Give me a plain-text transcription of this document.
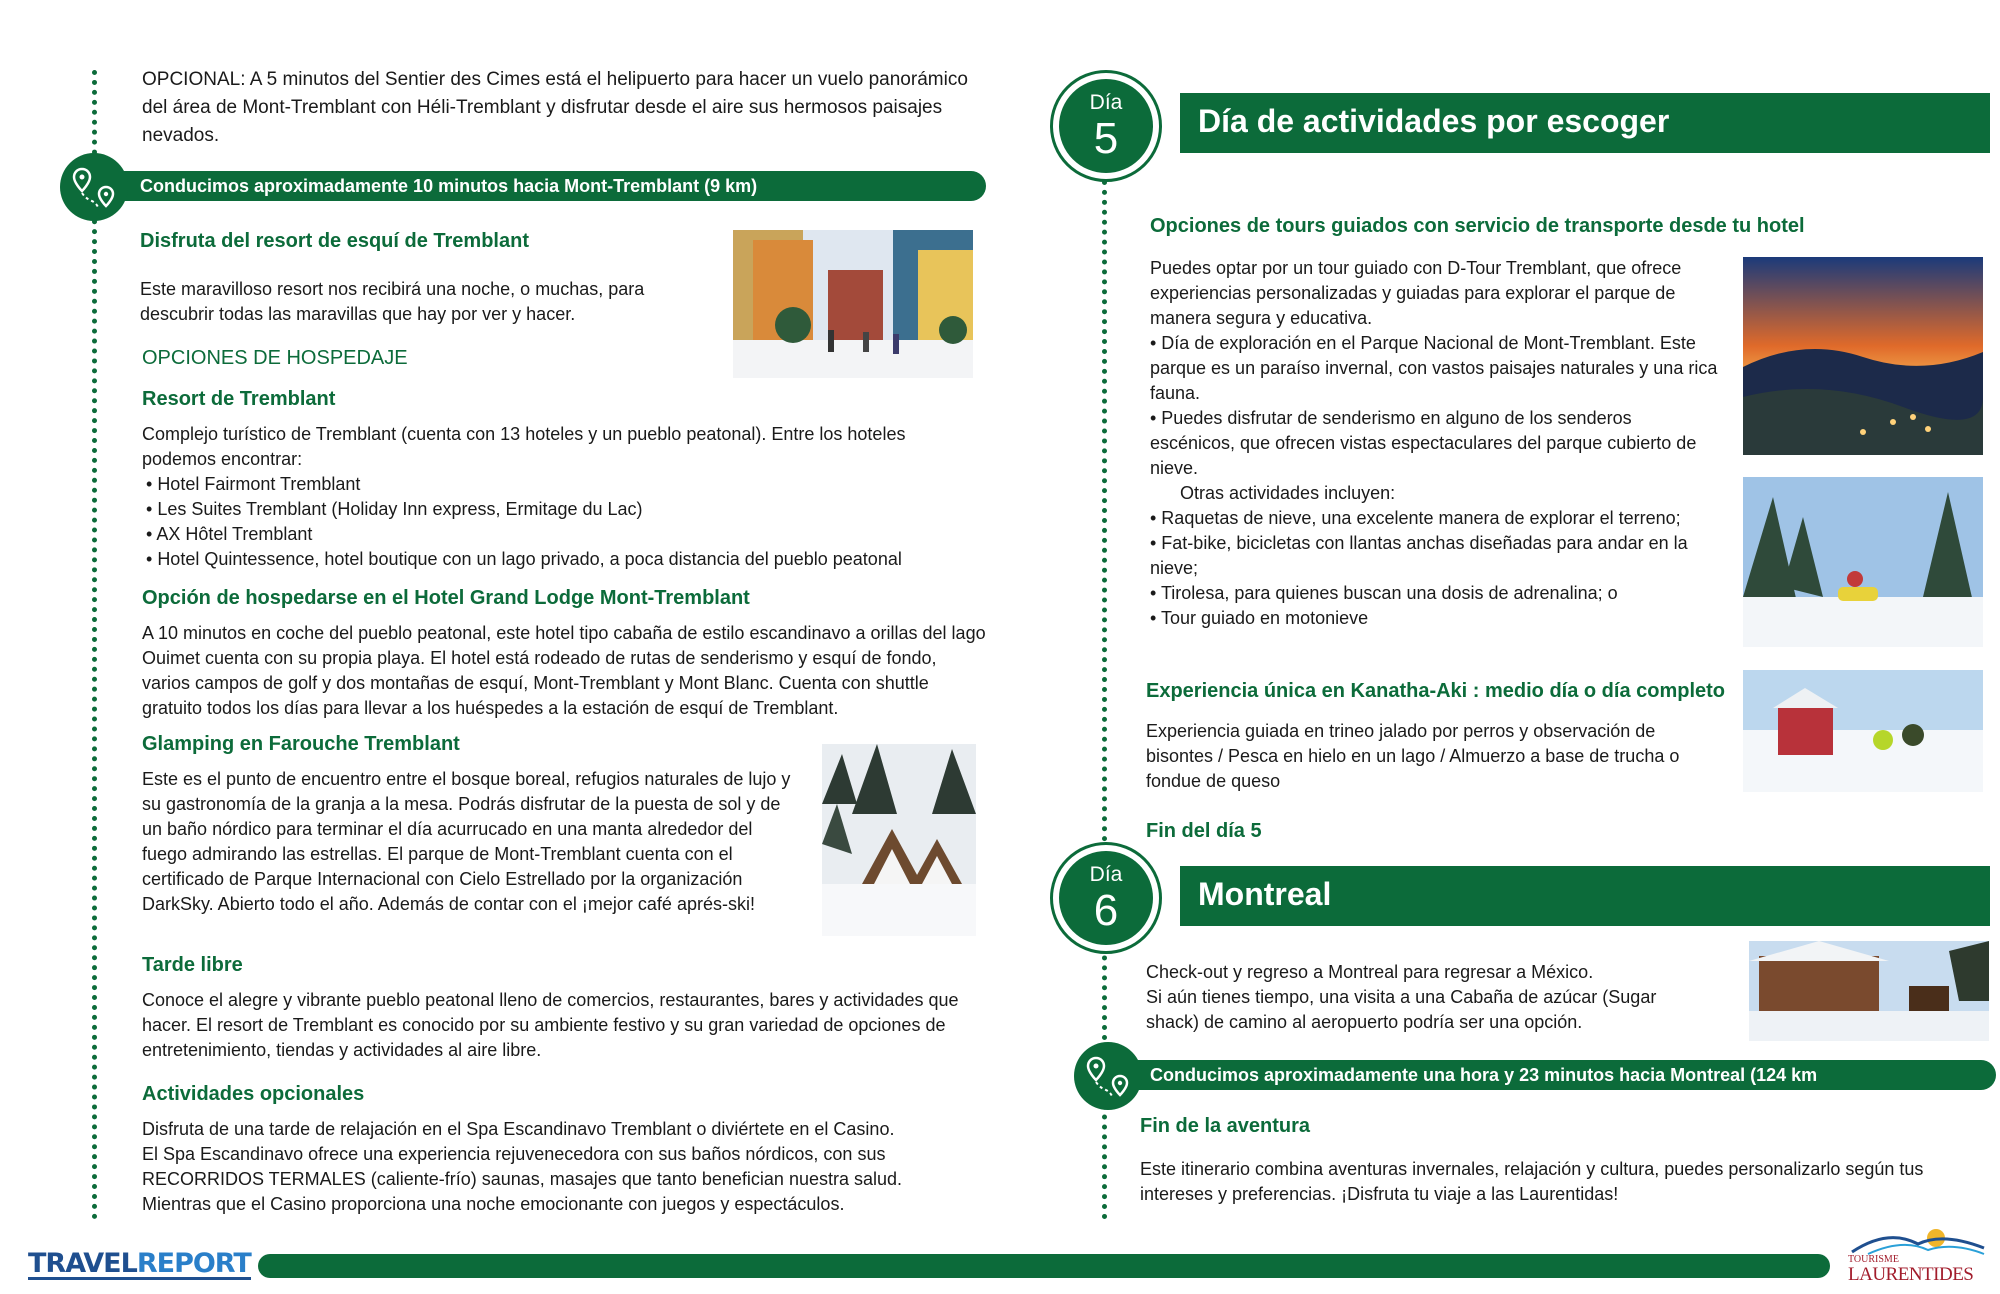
OPCIONAL: A 5 minutos del Sentier des Cimes está el helipuerto para hacer un vuelo panorámico del área de Mont-Tremblant con Héli-Tremblant y disfrutar desde el aire sus hermosos paisajes nevados.

Conducimos aproximadamente 10 minutos hacia Mont-Tremblant (9 km)
Disfruta del resort de esquí de Tremblant

Este maravilloso resort nos recibirá una noche, o muchas, para descubrir todas las maravillas que hay por ver y hacer.

OPCIONES DE HOSPEDAJE
Resort de Tremblant

Complejo turístico de Tremblant (cuenta con 13 hoteles y un pueblo peatonal). Entre los hoteles podemos encontrar:

• Hotel Fairmont Tremblant
• Les Suites Tremblant (Holiday Inn express, Ermitage du Lac)
• AX Hôtel Tremblant
• Hotel Quintessence, hotel boutique con un lago privado, a poca distancia del pueblo peatonal
Opción de hospedarse en el Hotel Grand Lodge Mont-Tremblant

A 10 minutos en coche del pueblo peatonal, este hotel tipo cabaña de estilo escandinavo a orillas del lago Ouimet cuenta con su propia playa. El hotel está rodeado de rutas de senderismo y esquí de fondo, varios campos de golf y dos montañas de esquí, Mont-Tremblant y Mont Blanc. Cuenta con shuttle gratuito todos los días para llevar a los huéspedes a la estación de esquí de Tremblant.

Glamping en Farouche Tremblant

Este es el punto de encuentro entre el bosque boreal, refugios naturales de lujo y su gastronomía de la granja a la mesa. Podrás disfrutar de la puesta de sol y de un baño nórdico para terminar el día acurrucado en una manta alrededor del fuego admirando las estrellas. El parque de Mont-Tremblant cuenta con el certificado de Parque Internacional con Cielo Estrellado por la organización DarkSky. Abierto todo el año. Además de contar con el ¡mejor café aprés-ski!

Tarde libre

Conoce el alegre y vibrante pueblo peatonal lleno de comercios, restaurantes, bares y actividades que hacer. El resort de Tremblant es conocido por su ambiente festivo y su gran variedad de opciones de entretenimiento, tiendas y actividades al aire libre.

Actividades opcionales
Disfruta de una tarde de relajación en el Spa Escandinavo Tremblant o diviértete en el Casino.
El Spa Escandinavo ofrece una experiencia rejuvenecedora con sus baños nórdicos, con sus RECORRIDOS TERMALES (caliente-frío) saunas, masajes que tanto benefician nuestra salud.
Mientras que el Casino proporciona una noche emocionante con juegos y espectáculos.
Día
5	Día de actividades por escoger
Opciones de tours guiados con servicio de transporte desde tu hotel
Puedes optar por un tour guiado con D-Tour Tremblant, que ofrece experiencias personalizadas y guiadas para explorar el parque de manera segura y educativa.
• Día de exploración en el Parque Nacional de Mont-Tremblant. Este parque es un paraíso invernal, con vastos paisajes naturales y una rica fauna.
• Puedes disfrutar de senderismo en alguno de los senderos escénicos, que ofrecen vistas espectaculares del parque cubierto de nieve.
Otras actividades incluyen:
• Raquetas de nieve, una excelente manera de explorar el terreno;
• Fat-bike, bicicletas con llantas anchas diseñadas para andar en la nieve;
• Tirolesa, para quienes buscan una dosis de adrenalina; o
• Tour guiado en motonieve
Experiencia única en Kanatha-Aki : medio día o día completo

Experiencia guiada en trineo jalado por perros y observación de bisontes / Pesca en hielo en un lago / Almuerzo a base de trucha o fondue de queso

Fin del día 5
Día
6	Montreal
Check-out y regreso a Montreal para regresar a México.
Si aún tienes tiempo, una visita a una Cabaña de azúcar (Sugar shack) de camino al aeropuerto podría ser una opción.
Conducimos aproximadamente una hora y 23 minutos hacia Montreal (124 km
Fin de la aventura

Este itinerario combina aventuras invernales, relajación y cultura, puedes personalizarlo según tus intereses y preferencias. ¡Disfruta tu viaje a las Laurentidas!

TRAVELREPORT	TOURISME
LAURENTIDES
